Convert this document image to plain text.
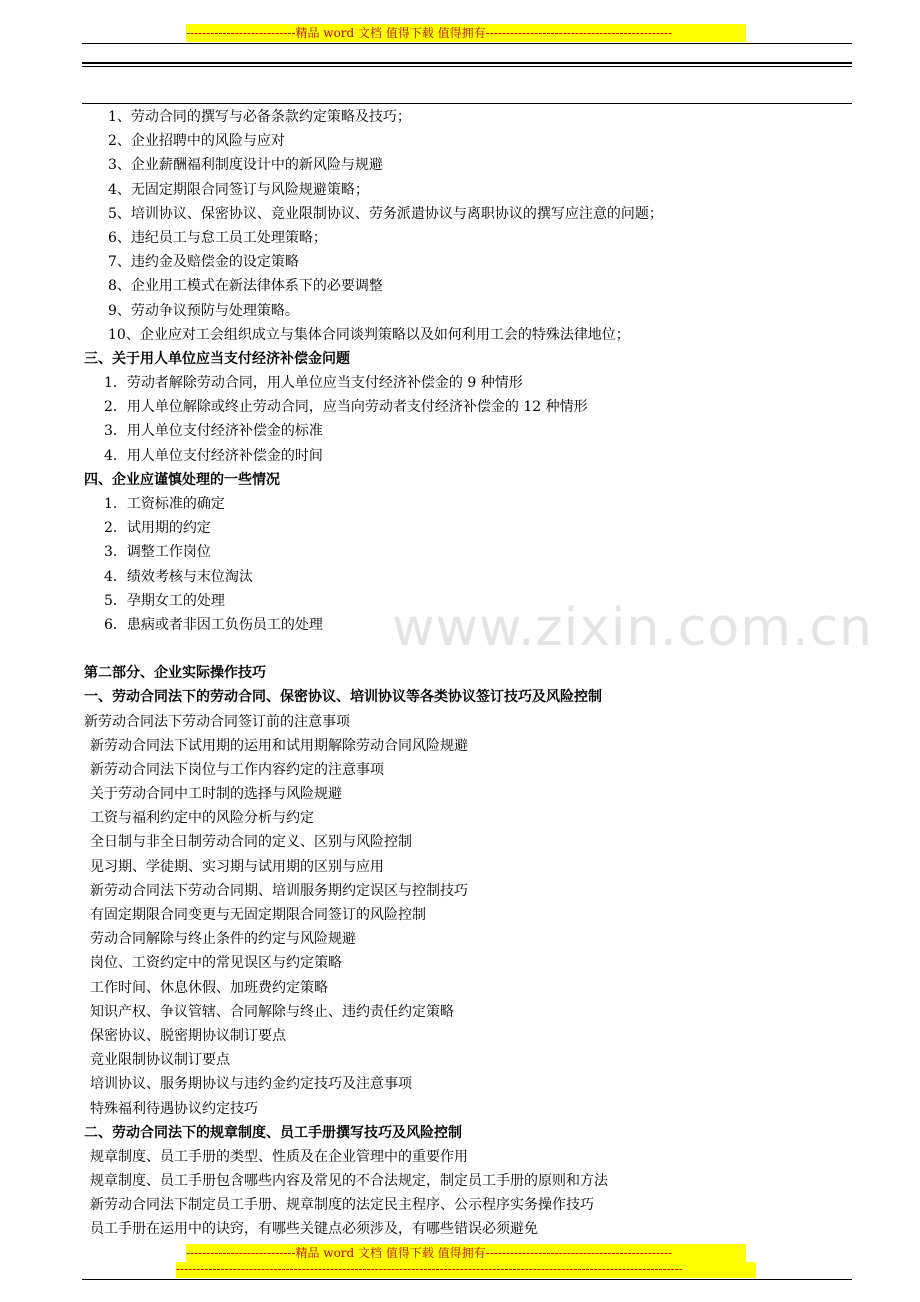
---------------------------精品 word 文档 值得下载 值得拥有----------------------------------------------
www.zixin.com.cn
1、劳动合同的撰写与必备条款约定策略及技巧；
2、企业招聘中的风险与应对
3、企业薪酬福利制度设计中的新风险与规避
4、无固定期限合同签订与风险规避策略；
5、培训协议、保密协议、竞业限制协议、劳务派遣协议与离职协议的撰写应注意的问题；
6、违纪员工与怠工员工处理策略；
7、违约金及赔偿金的设定策略
8、企业用工模式在新法律体系下的必要调整
9、劳动争议预防与处理策略。
10、企业应对工会组织成立与集体合同谈判策略以及如何利用工会的特殊法律地位；
三、关于用人单位应当支付经济补偿金问题
1．劳动者解除劳动合同，用人单位应当支付经济补偿金的 9 种情形
2．用人单位解除或终止劳动合同，应当向劳动者支付经济补偿金的 12 种情形
3．用人单位支付经济补偿金的标准
4．用人单位支付经济补偿金的时间
四、企业应谨慎处理的一些情况
1．工资标准的确定
2．试用期的约定
3．调整工作岗位
4．绩效考核与末位淘汰
5．孕期女工的处理
6．患病或者非因工负伤员工的处理
第二部分、企业实际操作技巧
一、劳动合同法下的劳动合同、保密协议、培训协议等各类协议签订技巧及风险控制
新劳动合同法下劳动合同签订前的注意事项
新劳动合同法下试用期的运用和试用期解除劳动合同风险规避
新劳动合同法下岗位与工作内容约定的注意事项
关于劳动合同中工时制的选择与风险规避
工资与福利约定中的风险分析与约定
全日制与非全日制劳动合同的定义、区别与风险控制
见习期、学徒期、实习期与试用期的区别与应用
新劳动合同法下劳动合同期、培训服务期约定误区与控制技巧
有固定期限合同变更与无固定期限合同签订的风险控制
劳动合同解除与终止条件的约定与风险规避
岗位、工资约定中的常见误区与约定策略
工作时间、休息休假、加班费约定策略
知识产权、争议管辖、合同解除与终止、违约责任约定策略
保密协议、脱密期协议制订要点
竞业限制协议制订要点
培训协议、服务期协议与违约金约定技巧及注意事项
特殊福利待遇协议约定技巧
二、劳动合同法下的规章制度、员工手册撰写技巧及风险控制
规章制度、员工手册的类型、性质及在企业管理中的重要作用
规章制度、员工手册包含哪些内容及常见的不合法规定，制定员工手册的原则和方法
新劳动合同法下制定员工手册、规章制度的法定民主程序、公示程序实务操作技巧
员工手册在运用中的诀窍，有哪些关键点必须涉及，有哪些错误必须避免
---------------------------精品 word 文档 值得下载 值得拥有----------------------------------------------
-----------------------------------------------------------------------------------------------------------------------------
